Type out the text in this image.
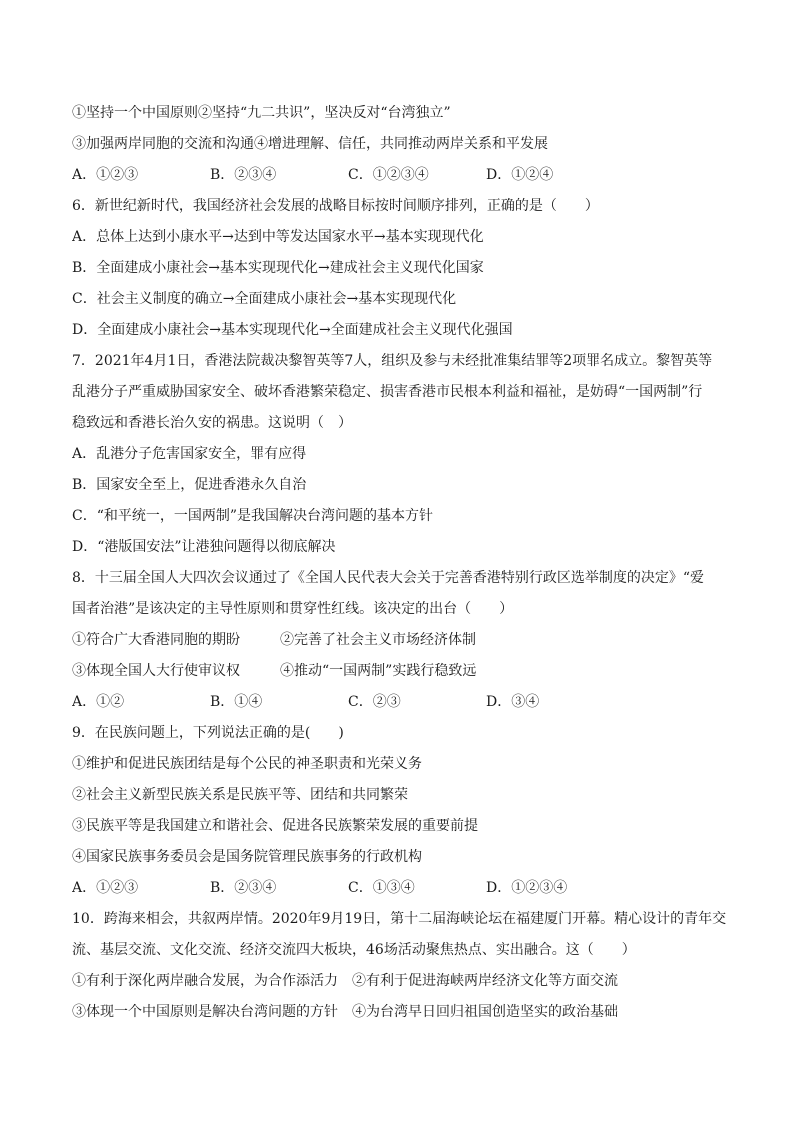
①坚持一个中国原则②坚持“九二共识”，坚决反对“台湾独立”
③加强两岸同胞的交流和沟通④增进理解、信任，共同推动两岸关系和平发展
A．①②③	B．②③④	C．①②③④	D．①②④
6．新世纪新时代，我国经济社会发展的战略目标按时间顺序排列，正确的是（　　）
A．总体上达到小康水平→达到中等发达国家水平→基本实现现代化
B．全面建成小康社会→基本实现现代化→建成社会主义现代化国家
C．社会主义制度的确立→全面建成小康社会→基本实现现代化
D．全面建成小康社会→基本实现现代化→全面建成社会主义现代化强国
7．2021年4月1日，香港法院裁决黎智英等7人，组织及参与未经批准集结罪等2项罪名成立。黎智英等
乱港分子严重威胁国家安全、破坏香港繁荣稳定、损害香港市民根本利益和福祉，是妨碍“一国两制”行
稳致远和香港长治久安的祸患。这说明（　）
A．乱港分子危害国家安全，罪有应得
B．国家安全至上，促进香港永久自治
C．“和平统一，一国两制”是我国解决台湾问题的基本方针
D．“港版国安法”让港独问题得以彻底解决
8．十三届全国人大四次会议通过了《全国人民代表大会关于完善香港特别行政区选举制度的决定》“爱
国者治港”是该决定的主导性原则和贯穿性红线。该决定的出台（　　）
①符合广大香港同胞的期盼	②完善了社会主义市场经济体制
③体现全国人大行使审议权	④推动“一国两制”实践行稳致远
A．①②	B．①④	C．②③	D．③④
9．在民族问题上，下列说法正确的是(　　)
①维护和促进民族团结是每个公民的神圣职责和光荣义务
②社会主义新型民族关系是民族平等、团结和共同繁荣
③民族平等是我国建立和谐社会、促进各民族繁荣发展的重要前提
④国家民族事务委员会是国务院管理民族事务的行政机构
A．①②③	B．②③④	C．①③④	D．①②③④
10．跨海来相会，共叙两岸情。2020年9月19日，第十二届海峡论坛在福建厦门开幕。精心设计的青年交
流、基层交流、文化交流、经济交流四大板块，46场活动聚焦热点、实出融合。这（　　）
①有利于深化两岸融合发展，为合作添活力　②有利于促进海峡两岸经济文化等方面交流
③体现一个中国原则是解决台湾问题的方针　④为台湾早日回归祖国创造坚实的政治基础
